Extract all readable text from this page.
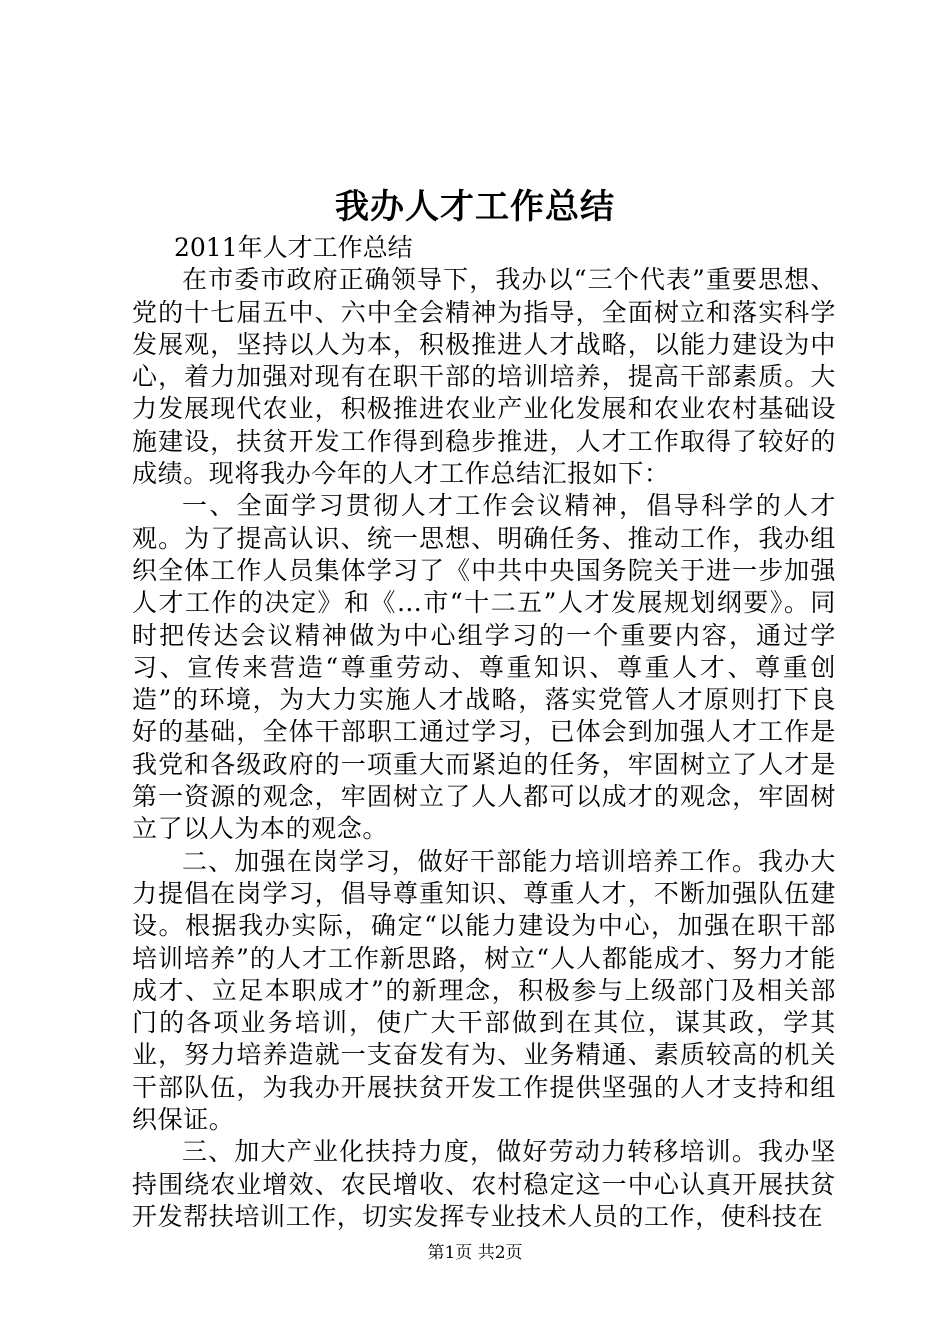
我办人才工作总结

2011年人才工作总结

在市委市政府正确领导下，我办以“三个代表”重要思想、党的十七届五中、六中全会精神为指导，全面树立和落实科学发展观，坚持以人为本，积极推进人才战略，以能力建设为中心，着力加强对现有在职干部的培训培养，提高干部素质。大力发展现代农业，积极推进农业产业化发展和农业农村基础设施建设，扶贫开发工作得到稳步推进，人才工作取得了较好的成绩。现将我办今年的人才工作总结汇报如下：

一、全面学习贯彻人才工作会议精神，倡导科学的人才观。为了提高认识、统一思想、明确任务、推动工作，我办组织全体工作人员集体学习了《中共中央国务院关于进一步加强人才工作的决定》和《…市“十二五”人才发展规划纲要》。同时把传达会议精神做为中心组学习的一个重要内容，通过学习、宣传来营造“尊重劳动、尊重知识、尊重人才、尊重创造”的环境，为大力实施人才战略，落实党管人才原则打下良好的基础，全体干部职工通过学习，已体会到加强人才工作是我党和各级政府的一项重大而紧迫的任务，牢固树立了人才是第一资源的观念，牢固树立了人人都可以成才的观念，牢固树立了以人为本的观念。

二、加强在岗学习，做好干部能力培训培养工作。我办大力提倡在岗学习，倡导尊重知识、尊重人才，不断加强队伍建设。根据我办实际，确定“以能力建设为中心，加强在职干部培训培养”的人才工作新思路，树立“人人都能成才、努力才能成才、立足本职成才”的新理念，积极参与上级部门及相关部门的各项业务培训，使广大干部做到在其位，谋其政，学其业，努力培养造就一支奋发有为、业务精通、素质较高的机关干部队伍，为我办开展扶贫开发工作提供坚强的人才支持和组织保证。

三、加大产业化扶持力度，做好劳动力转移培训。我办坚持围绕农业增效、农民增收、农村稳定这一中心认真开展扶贫开发帮扶培训工作，切实发挥专业技术人员的工作，使科技在

第1页 共2页
